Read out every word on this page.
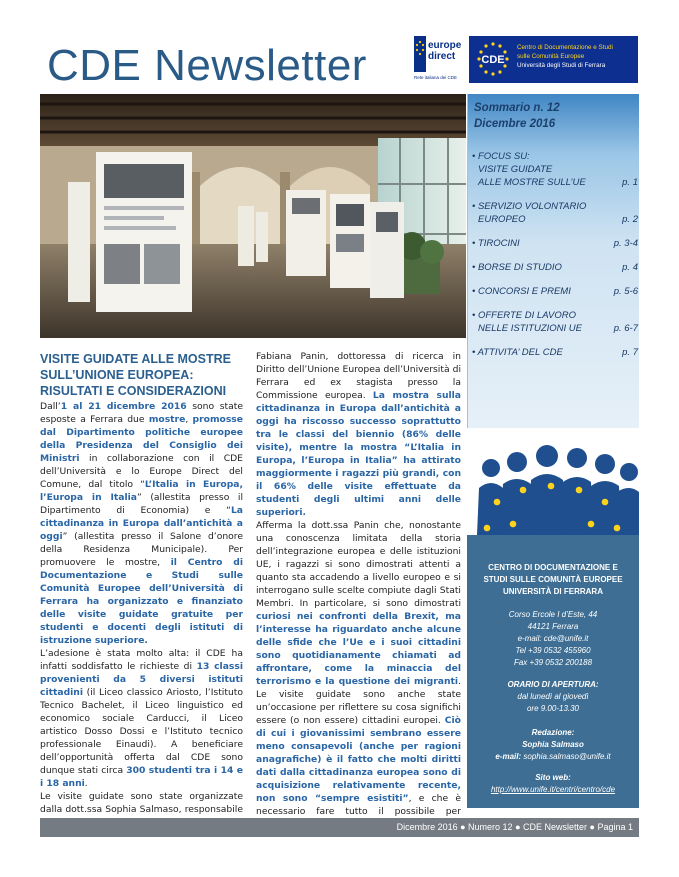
CDE Newsletter	europe
direct
Rete italiana dei CDE
CDE
Centro di Documentazione e Studi
sulle Comunità Europee
Università degli Studi di Ferrara
Sommario n. 12
Dicembre 2016
• FOCUS SU:
VISITE GUIDATE
ALLE MOSTRE SULL’UE	p. 1
• SERVIZIO VOLONTARIO
EUROPEO	p. 2
• TIROCINI	p. 3-4
• BORSE DI STUDIO	p. 4
• CONCORSI E PREMI	p. 5-6
• OFFERTE DI LAVORO
NELLE ISTITUZIONI UE	p. 6-7
• ATTIVITA’ DEL CDE	p. 7
CENTRO DI DOCUMENTAZIONE E
STUDI SULLE COMUNITÀ EUROPEE
UNIVERSITÀ DI FERRARA
Corso Ercole I d’Este, 44
44121 Ferrara
e-mail: cde@unife.it
Tel +39 0532 455960
Fax +39 0532 200188
ORARIO DI APERTURA:
dal lunedì al giovedì
ore 9.00-13.30
Redazione:
Sophia Salmaso
e-mail: sophia.salmaso@unife.it
Sito web:
http://www.unife.it/centri/centro/cde
VISITE GUIDATE ALLE MOSTRE
SULL’UNIONE EUROPEA:
RISULTATI E CONSIDERAZIONI

Dall’1 al 21 dicembre 2016 sono state esposte a Ferrara due mostre, promosse dal Dipartimento politiche europee della Presidenza del Consiglio dei Ministri in collaborazione con il CDE dell’Università e lo Europe Direct del Comune, dal titolo “L’Italia in Europa, l’Europa in Italia” (allestita presso il Dipartimento di Economia) e “La cittadinanza in Europa dall’antichità a oggi” (allestita presso il Salone d’onore della Residenza Municipale). Per promuovere le mostre, il Centro di Documentazione e Studi sulle Comunità Europee dell’Università di Ferrara ha organizzato e finanziato delle visite guidate gratuite per studenti e docenti degli istituti di istruzione superiore.

L’adesione è stata molto alta: il CDE ha infatti soddisfatto le richieste di 13 classi provenienti da 5 diversi istituti cittadini (il Liceo classico Ariosto, l’Istituto Tecnico Bachelet, il Liceo linguistico ed economico sociale Carducci, il Liceo artistico Dosso Dossi e l’Istituto tecnico professionale Einaudi). A beneficiare dell’opportunità offerta dal CDE sono dunque stati circa 300 studenti tra i 14 e i 18 anni.

Le visite guidate sono state organizzate dalla dott.ssa Sophia Salmaso, responsabile

Fabiana Panin, dottoressa di ricerca in Diritto dell’Unione Europea dell’Università di Ferrara ed ex stagista presso la Commissione europea. La mostra sulla cittadinanza in Europa dall’antichità a oggi ha riscosso successo soprattutto tra le classi del biennio (86% delle visite), mentre la mostra “L’Italia in Europa, l’Europa in Italia” ha attirato maggiormente i ragazzi più grandi, con il 66% delle visite effettuate da studenti degli ultimi anni delle superiori.

Afferma la dott.ssa Panin che, nonostante una conoscenza limitata della storia dell’integrazione europea e delle istituzioni UE, i ragazzi si sono dimostrati attenti a quanto sta accadendo a livello europeo e si interrogano sulle scelte compiute dagli Stati Membri. In particolare, si sono dimostrati curiosi nei confronti della Brexit, ma l’interesse ha riguardato anche alcune delle sfide che l’Ue e i suoi cittadini sono quotidianamente chiamati ad affrontare, come la minaccia del terrorismo e la questione dei migranti. Le visite guidate sono anche state un’occasione per riflettere su cosa significhi essere (o non essere) cittadini europei. Ciò di cui i giovanissimi sembrano essere meno consapevoli (anche per ragioni anagrafiche) è il fatto che molti diritti dati dalla cittadinanza europea sono di acquisizione relativamente recente, non sono “sempre esistiti”, e che è necessario fare tutto il possibile per

Dicembre 2016 ● Numero 12 ● CDE Newsletter ● Pagina 1
